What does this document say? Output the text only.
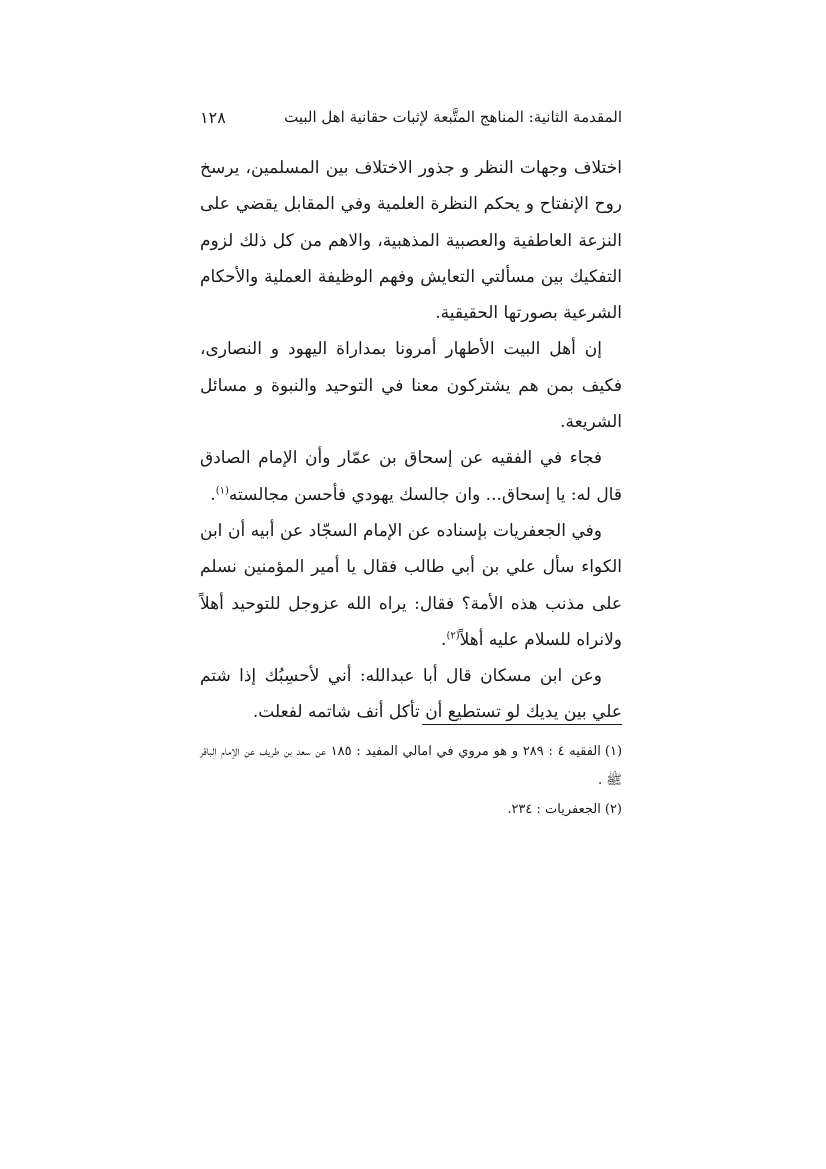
المقدمة الثانية: المناهج المتَّبعة لإثبات حقانية اهل البيت
١٢٨

اختلاف وجهات النظر و جذور الاختلاف بين المسلمين، يرسخ روح الإنفتاح و يحكم النظرة العلمية وفي المقابل يقضي على النزعة العاطفية والعصبية المذهبية، والاهم من كل ذلك لزوم التفكيك بين مسألتي التعايش وفهم الوظيفة العملية والأحكام الشرعية بصورتها الحقيقية.

إن أهل البيت الأطهار أمرونا بمداراة اليهود و النصارى، فكيف بمن هم يشتركون معنا في التوحيد والنبوة و مسائل الشريعة.

فجاء في الفقيه عن إسحاق بن عمّار وأن الإمام الصادق قال له: يا إسحاق... وان جالسك يهودي فأحسن مجالسته$^{(١)}$.

وفي الجعفريات بإسناده عن الإمام السجّاد عن أبيه أن ابن الكواء سأل علي بن أبي طالب فقال يا أمير المؤمنين نسلم على مذنب هذه الأمة؟ فقال: يراه الله عزوجل للتوحيد أهلاً ولانراه للسلام عليه أهلاً$^{(٢)}$.

وعن ابن مسكان قال أبا عبدالله: أني لأحسِبُك إذا شتم علي بين يديك لو تستطيع أن تأكل أنف شاتمه لفعلت.

(١)الفقيه ٤ : ٢٨٩ و هو مروي في امالي المفيد : ١٨٥ عن سعد بن طريف عن الإمام الباقر ﷺ .

(٢)الجعفريات : ٢٣٤.
